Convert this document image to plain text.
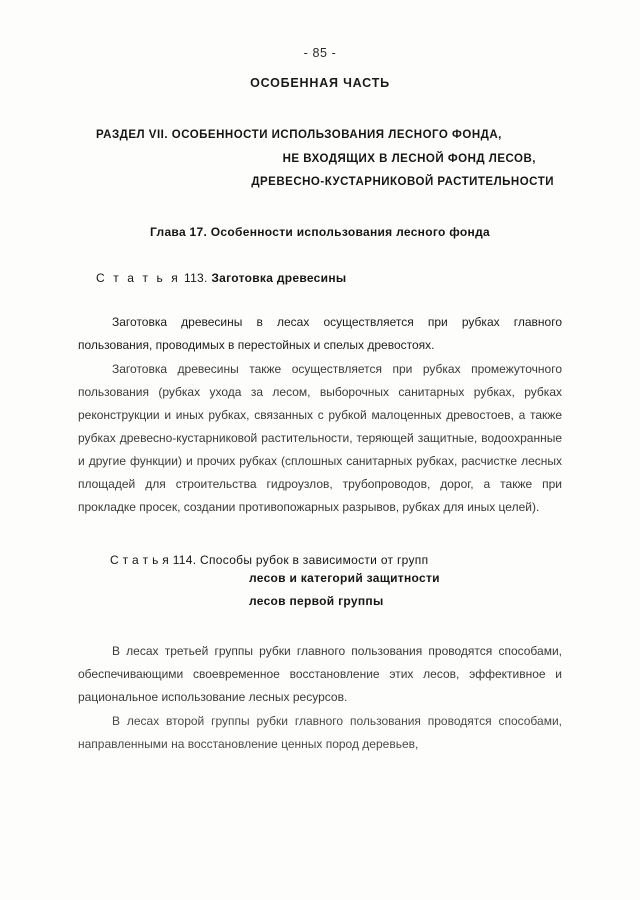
- 85 -
ОСОБЕННАЯ ЧАСТЬ
РАЗДЕЛ VII. ОСОБЕННОСТИ ИСПОЛЬЗОВАНИЯ ЛЕСНОГО ФОНДА,
НЕ ВХОДЯЩИХ В ЛЕСНОЙ ФОНД ЛЕСОВ,
ДРЕВЕСНО-КУСТАРНИКОВОЙ РАСТИТЕЛЬНОСТИ
Глава 17. Особенности использования лесного фонда
С т а т ь я 113. Заготовка древесины

Заготовка древесины в лесах осуществляется при рубках главного пользования, проводимых в перестойных и спелых древостоях.

Заготовка древесины также осуществляется при рубках промежуточного пользования (рубках ухода за лесом, выборочных санитарных рубках, рубках реконструкции и иных рубках, связанных с рубкой малоценных древостоев, а также рубках древесно-кустарниковой растительности, теряющей защитные, водоохранные и другие функции) и прочих рубках (сплошных санитарных рубках, расчистке лесных площадей для строительства гидроузлов, трубопроводов, дорог, а также при прокладке просек, создании противопожарных разрывов, рубках для иных целей).

С т а т ь я 114. Способы рубок в зависимости от групп
лесов и категорий защитности
лесов первой группы

В лесах третьей группы рубки главного пользования проводятся способами, обеспечивающими своевременное восстановление этих лесов, эффективное и рациональное использование лесных ресурсов.

В лесах второй группы рубки главного пользования проводятся способами, направленными на восстановление ценных пород деревьев,
